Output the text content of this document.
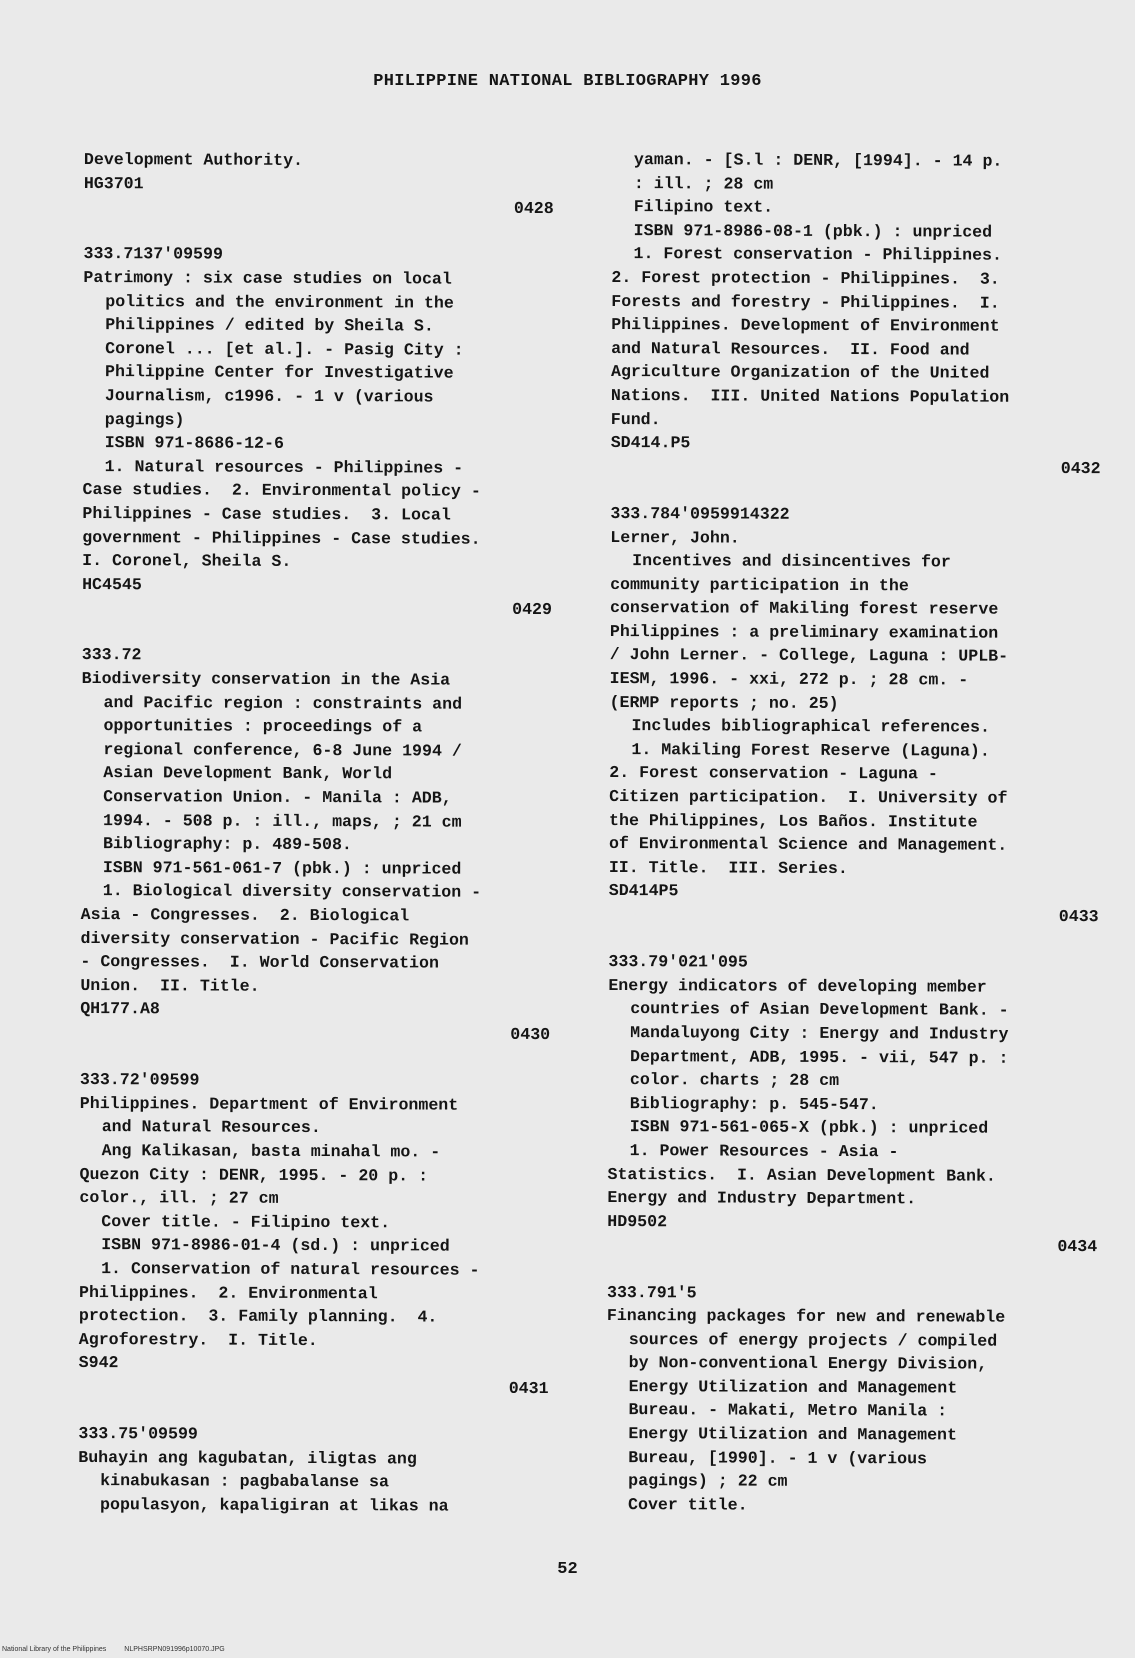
PHILIPPINE NATIONAL BIBLIOGRAPHY 1996
Development Authority.
HG3701
0428
333.7137'09599
Patrimony : six case studies on local
politics and the environment in the
Philippines / edited by Sheila S.
Coronel ... [et al.]. - Pasig City :
Philippine Center for Investigative
Journalism, c1996. - 1 v (various
pagings)
ISBN 971-8686-12-6
1. Natural resources - Philippines -
Case studies.  2. Environmental policy -
Philippines - Case studies.  3. Local
government - Philippines - Case studies.
I. Coronel, Sheila S.
HC4545
0429
333.72
Biodiversity conservation in the Asia
and Pacific region : constraints and
opportunities : proceedings of a
regional conference, 6-8 June 1994 /
Asian Development Bank, World
Conservation Union. - Manila : ADB,
1994. - 508 p. : ill., maps, ; 21 cm
Bibliography: p. 489-508.
ISBN 971-561-061-7 (pbk.) : unpriced
1. Biological diversity conservation -
Asia - Congresses.  2. Biological
diversity conservation - Pacific Region
- Congresses.  I. World Conservation
Union.  II. Title.
QH177.A8
0430
333.72'09599
Philippines. Department of Environment
and Natural Resources.
Ang Kalikasan, basta minahal mo. -
Quezon City : DENR, 1995. - 20 p. :
color., ill. ; 27 cm
Cover title. - Filipino text.
ISBN 971-8986-01-4 (sd.) : unpriced
1. Conservation of natural resources -
Philippines.  2. Environmental
protection.  3. Family planning.  4.
Agroforestry.  I. Title.
S942
0431
333.75'09599
Buhayin ang kagubatan, iligtas ang
kinabukasan : pagbabalanse sa
populasyon, kapaligiran at likas na
yaman. - [S.l : DENR, [1994]. - 14 p.
: ill. ; 28 cm
Filipino text.
ISBN 971-8986-08-1 (pbk.) : unpriced
1. Forest conservation - Philippines.
2. Forest protection - Philippines.  3.
Forests and forestry - Philippines.  I.
Philippines. Development of Environment
and Natural Resources.  II. Food and
Agriculture Organization of the United
Nations.  III. United Nations Population
Fund.
SD414.P5
0432
333.784'0959914322
Lerner, John.
Incentives and disincentives for
community participation in the
conservation of Makiling forest reserve
Philippines : a preliminary examination
/ John Lerner. - College, Laguna : UPLB-
IESM, 1996. - xxi, 272 p. ; 28 cm. -
(ERMP reports ; no. 25)
Includes bibliographical references.
1. Makiling Forest Reserve (Laguna).
2. Forest conservation - Laguna -
Citizen participation.  I. University of
the Philippines, Los Baños. Institute
of Environmental Science and Management.
II. Title.  III. Series.
SD414P5
0433
333.79'021'095
Energy indicators of developing member
countries of Asian Development Bank. -
Mandaluyong City : Energy and Industry
Department, ADB, 1995. - vii, 547 p. :
color. charts ; 28 cm
Bibliography: p. 545-547.
ISBN 971-561-065-X (pbk.) : unpriced
1. Power Resources - Asia -
Statistics.  I. Asian Development Bank.
Energy and Industry Department.
HD9502
0434
333.791'5
Financing packages for new and renewable
sources of energy projects / compiled
by Non-conventional Energy Division,
Energy Utilization and Management
Bureau. - Makati, Metro Manila :
Energy Utilization and Management
Bureau, [1990]. - 1 v (various
pagings) ; 22 cm
Cover title.
52
National Library of the Philippines	NLPHSRPN091996p10070.JPG
